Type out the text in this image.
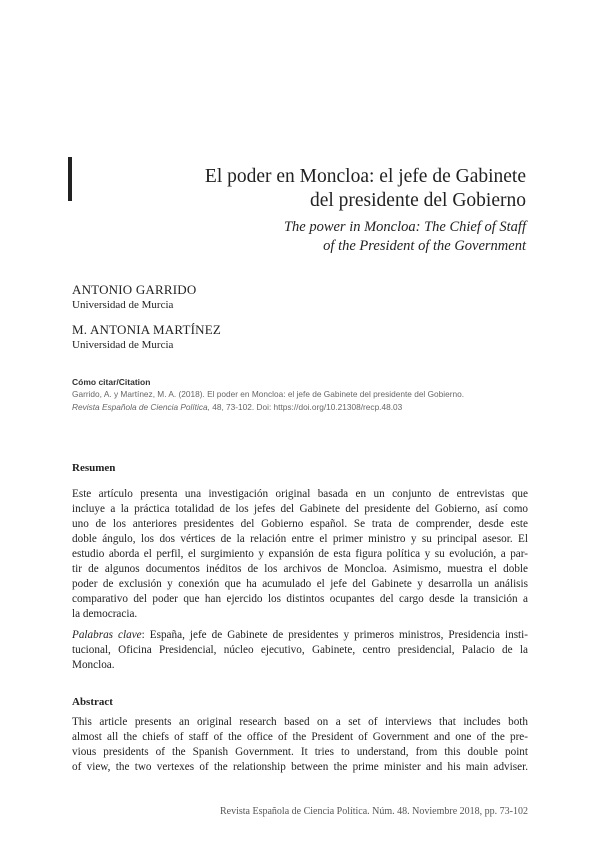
El poder en Moncloa: el jefe de Gabinete
del presidente del Gobierno
The power in Moncloa: The Chief of Staff
of the President of the Government
ANTONIO GARRIDO
Universidad de Murcia
M. ANTONIA MARTÍNEZ
Universidad de Murcia
Cómo citar/Citation
Garrido, A. y Martínez, M. A. (2018). El poder en Moncloa: el jefe de Gabinete del presidente del Gobierno.
Revista Española de Ciencia Política, 48, 73-102. Doi: https://doi.org/10.21308/recp.48.03
Resumen
Este artículo presenta una investigación original basada en un conjunto de entrevistas que
incluye a la práctica totalidad de los jefes del Gabinete del presidente del Gobierno, así como
uno de los anteriores presidentes del Gobierno español. Se trata de comprender, desde este
doble ángulo, los dos vértices de la relación entre el primer ministro y su principal asesor. El
estudio aborda el perfil, el surgimiento y expansión de esta figura política y su evolución, a par-
tir de algunos documentos inéditos de los archivos de Moncloa. Asimismo, muestra el doble
poder de exclusión y conexión que ha acumulado el jefe del Gabinete y desarrolla un análisis
comparativo del poder que han ejercido los distintos ocupantes del cargo desde la transición a
la democracia.
Palabras clave: España, jefe de Gabinete de presidentes y primeros ministros, Presidencia insti-
tucional, Oficina Presidencial, núcleo ejecutivo, Gabinete, centro presidencial, Palacio de la
Moncloa.
Abstract
This article presents an original research based on a set of interviews that includes both
almost all the chiefs of staff of the office of the President of Government and one of the pre-
vious presidents of the Spanish Government. It tries to understand, from this double point
of view, the two vertexes of the relationship between the prime minister and his main adviser.
Revista Española de Ciencia Política. Núm. 48. Noviembre 2018, pp. 73-102
